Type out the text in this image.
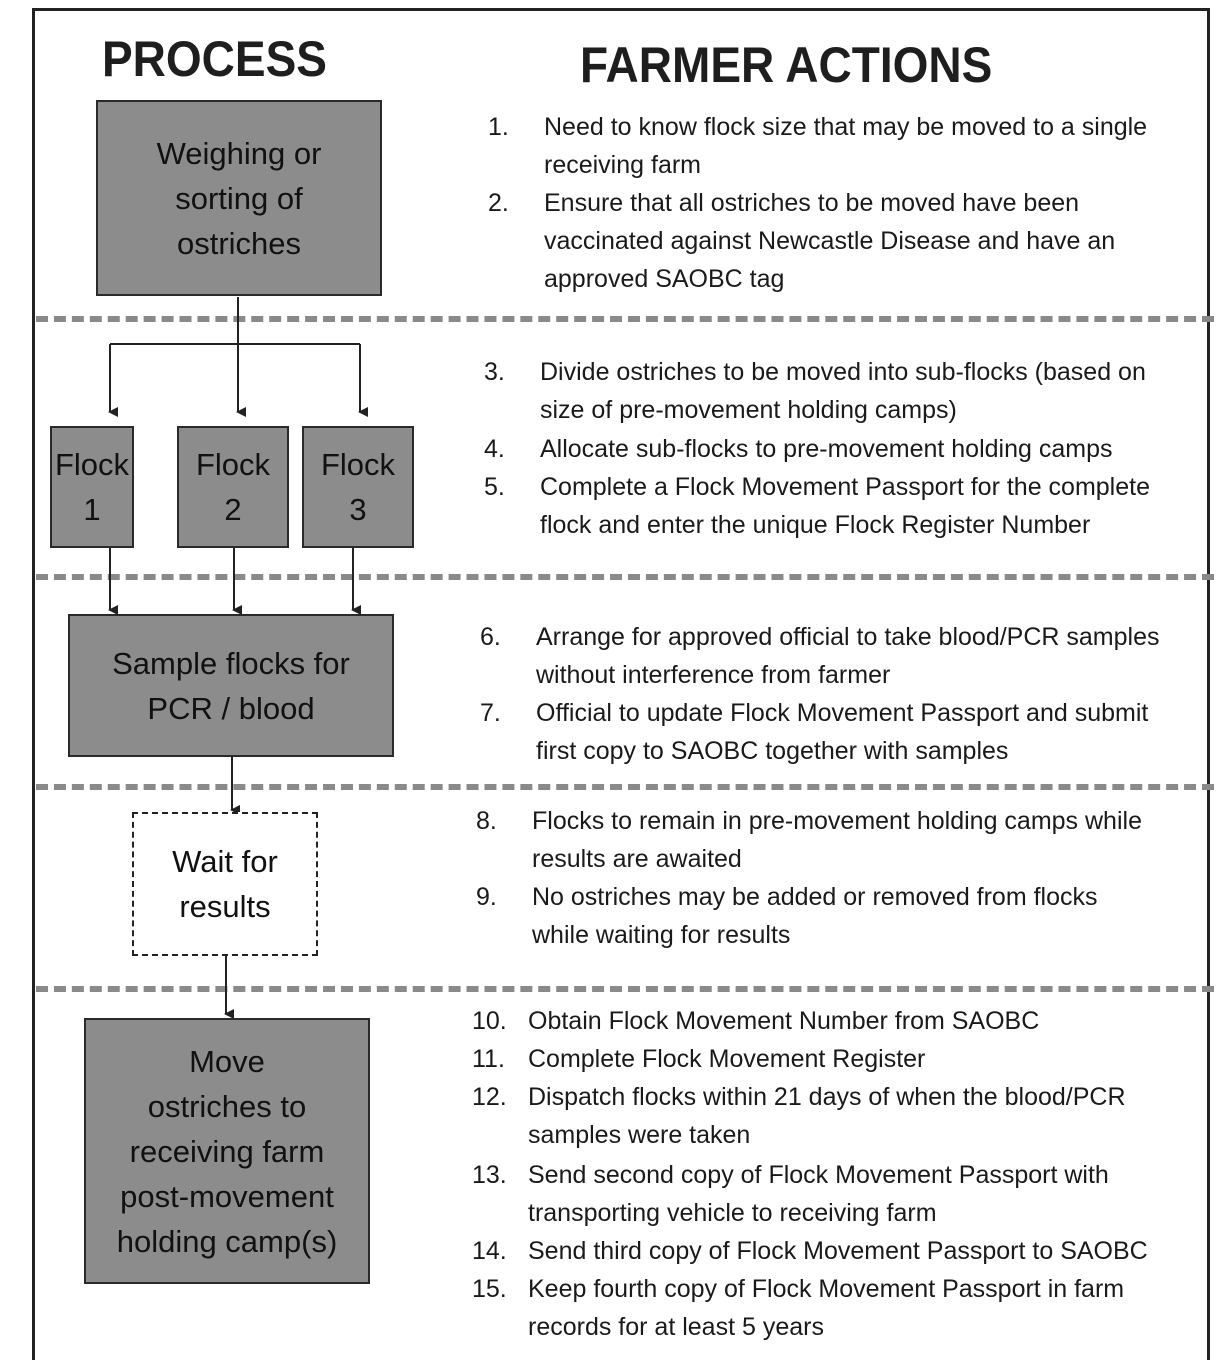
PROCESS	FARMER ACTIONS
Weighing or
sorting of
ostriches
Flock
1
Flock
2
Flock
3
Sample flocks for
PCR / blood
Wait for
results
Move
ostriches to
receiving farm
post-movement
holding camp(s)
1. Need to know flock size that may be moved to a single
receiving farm
2. Ensure that all ostriches to be moved have been
vaccinated against Newcastle Disease and have an
approved SAOBC tag
3. Divide ostriches to be moved into sub-flocks (based on
size of pre-movement holding camps)
4. Allocate sub-flocks to pre-movement holding camps
5. Complete a Flock Movement Passport for the complete
flock and enter the unique Flock Register Number
6. Arrange for approved official to take blood/PCR samples
without interference from farmer
7. Official to update Flock Movement Passport and submit
first copy to SAOBC together with samples
8. Flocks to remain in pre-movement holding camps while
results are awaited
9. No ostriches may be added or removed from flocks
while waiting for results
10. Obtain Flock Movement Number from SAOBC
11. Complete Flock Movement Register
12. Dispatch flocks within 21 days of when the blood/PCR
samples were taken
13. Send second copy of Flock Movement Passport with
transporting vehicle to receiving farm
14. Send third copy of Flock Movement Passport to SAOBC
15. Keep fourth copy of Flock Movement Passport in farm
records for at least 5 years
